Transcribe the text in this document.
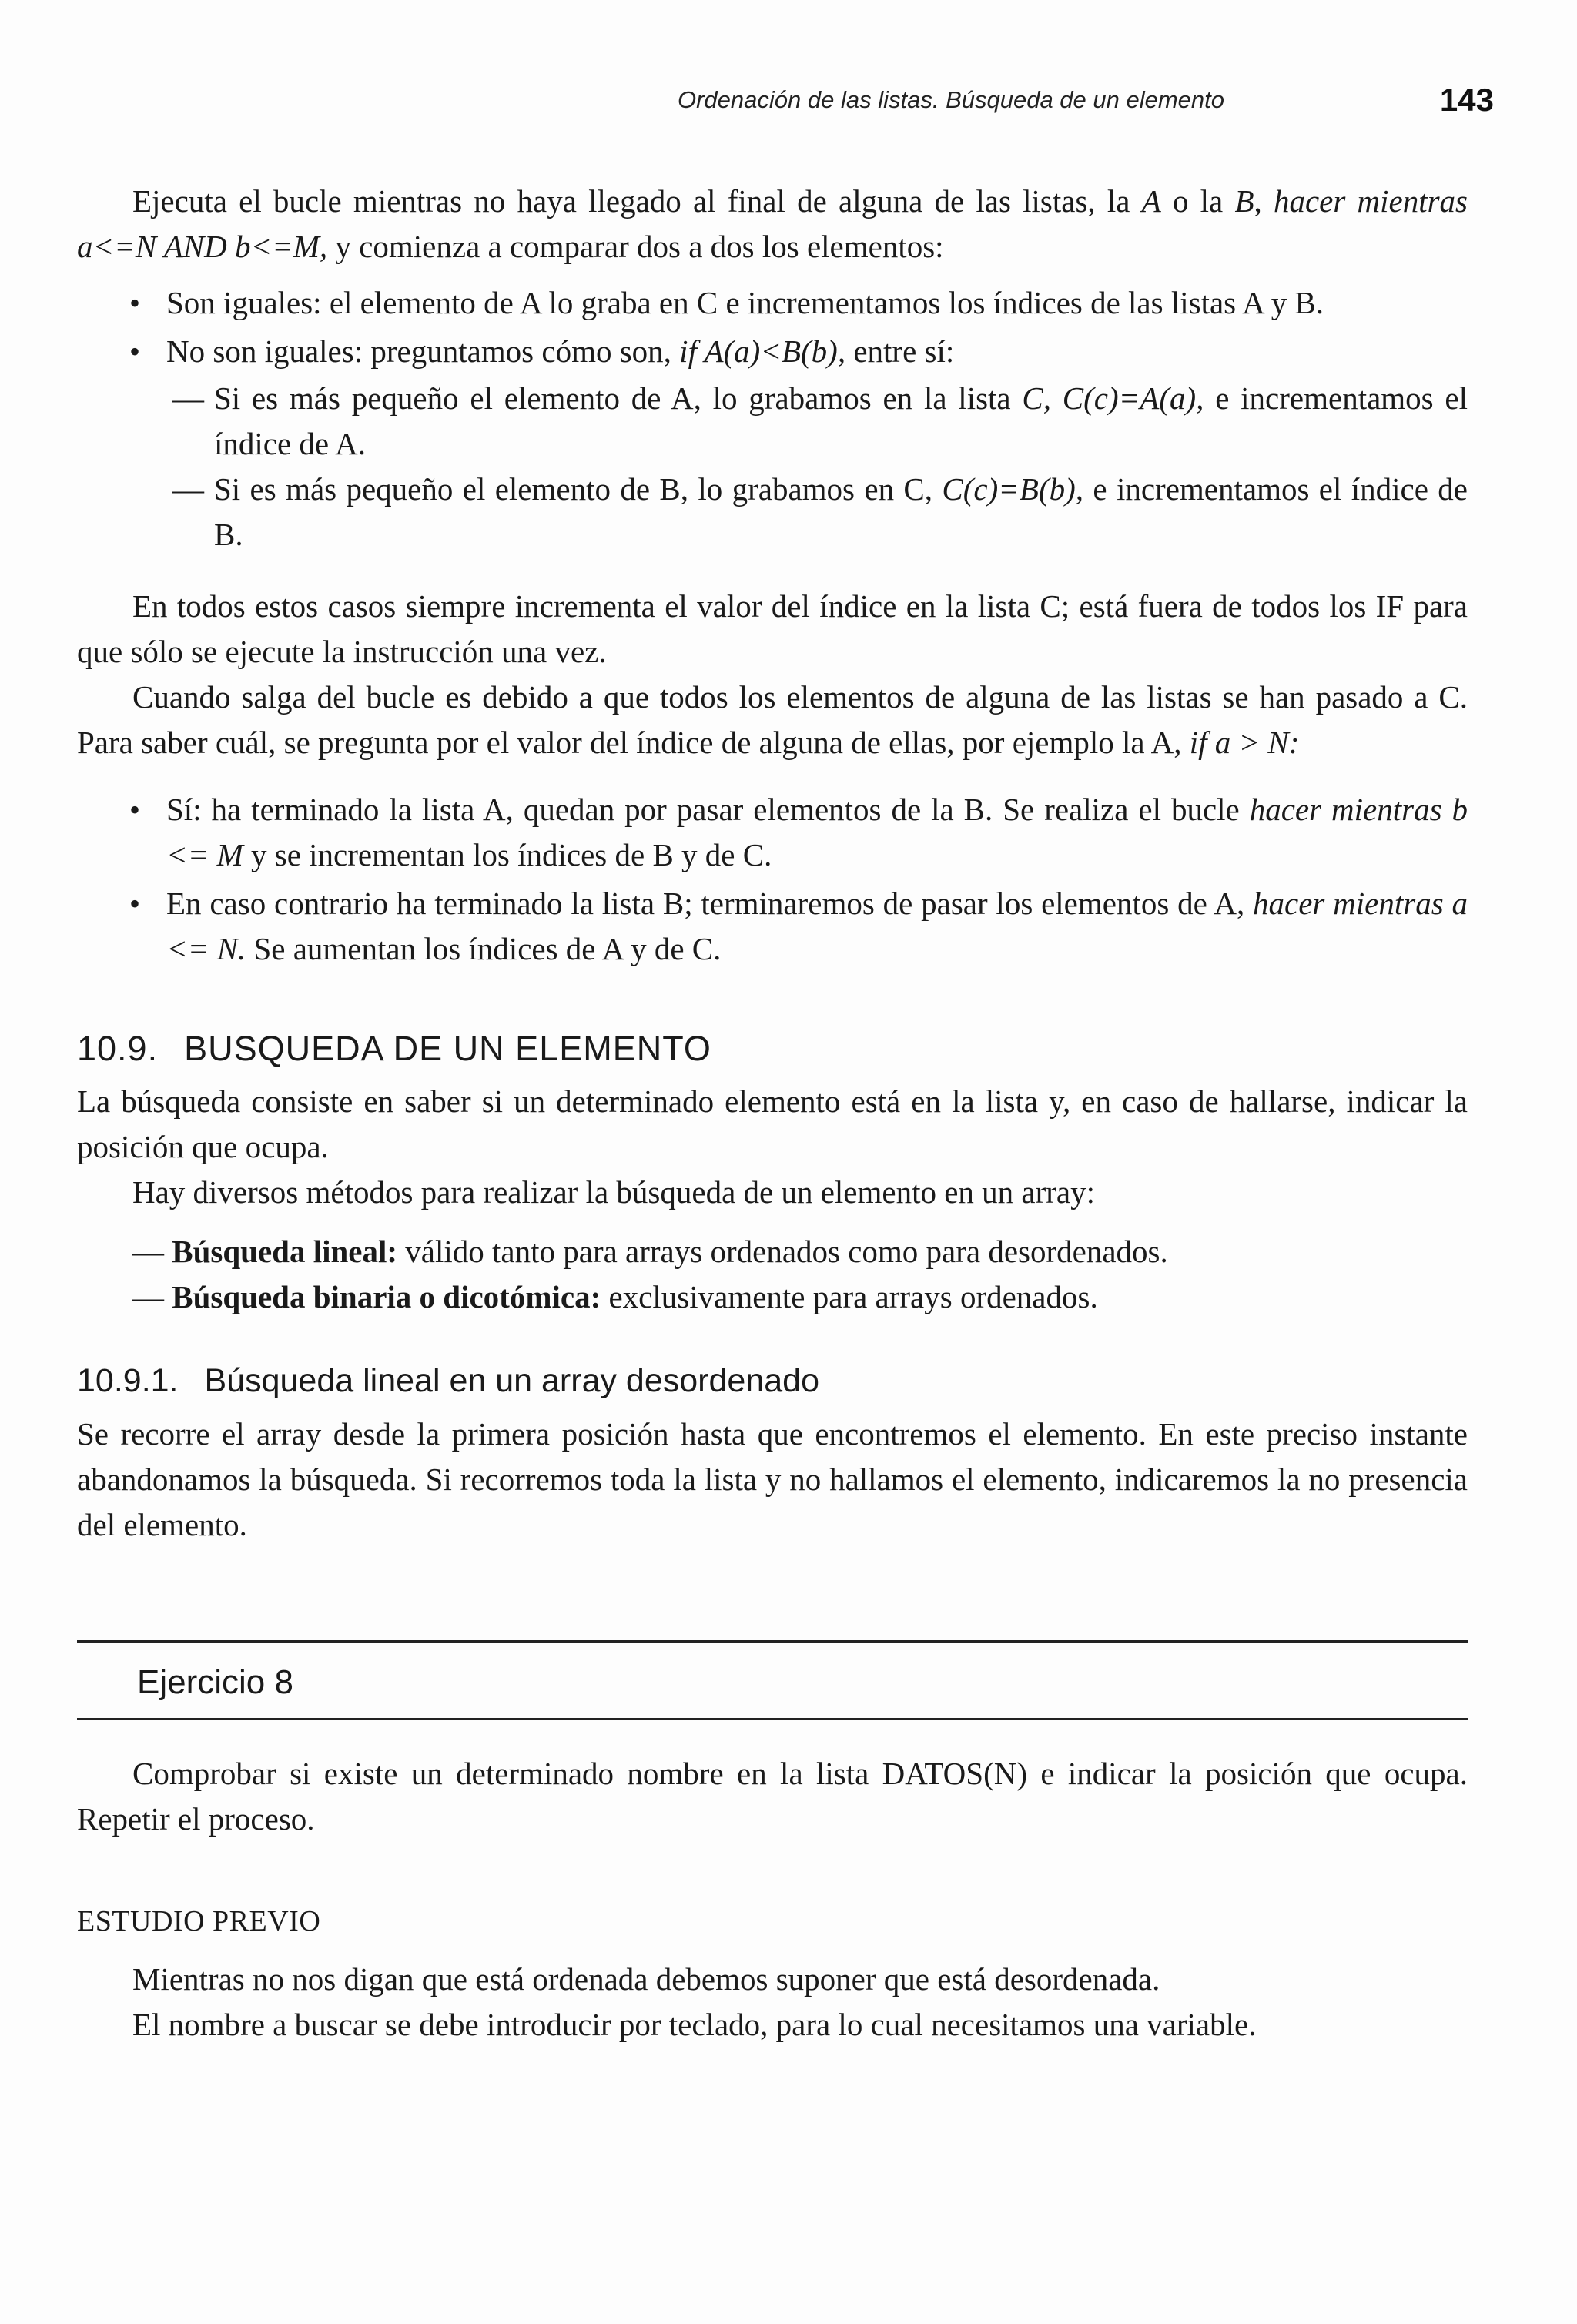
Ordenación de las listas. Búsqueda de un elemento	143

Ejecuta el bucle mientras no haya llegado al final de alguna de las listas, la A o la B, hacer mientras a<=N AND b<=M, y comienza a comparar dos a dos los elementos:

• Son iguales: el elemento de A lo graba en C e incrementamos los índices de las listas A y B.
• No son iguales: preguntamos cómo son, if A(a)<B(b), entre sí:
— Si es más pequeño el elemento de A, lo grabamos en la lista C, C(c)=A(a), e incrementamos el índice de A.
— Si es más pequeño el elemento de B, lo grabamos en C, C(c)=B(b), e incrementamos el índice de B.

En todos estos casos siempre incrementa el valor del índice en la lista C; está fuera de todos los IF para que sólo se ejecute la instrucción una vez.

Cuando salga del bucle es debido a que todos los elementos de alguna de las listas se han pasado a C. Para saber cuál, se pregunta por el valor del índice de alguna de ellas, por ejemplo la A, if a > N:

• Sí: ha terminado la lista A, quedan por pasar elementos de la B. Se realiza el bucle hacer mientras b <= M y se incrementan los índices de B y de C.
• En caso contrario ha terminado la lista B; terminaremos de pasar los elementos de A, hacer mientras a <= N. Se aumentan los índices de A y de C.
10.9. BUSQUEDA DE UN ELEMENTO

La búsqueda consiste en saber si un determinado elemento está en la lista y, en caso de hallarse, indicar la posición que ocupa.

Hay diversos métodos para realizar la búsqueda de un elemento en un array:

— Búsqueda lineal: válido tanto para arrays ordenados como para desordenados.
— Búsqueda binaria o dicotómica: exclusivamente para arrays ordenados.
10.9.1. Búsqueda lineal en un array desordenado

Se recorre el array desde la primera posición hasta que encontremos el elemento. En este preciso instante abandonamos la búsqueda. Si recorremos toda la lista y no hallamos el elemento, indicaremos la no presencia del elemento.

Ejercicio 8

Comprobar si existe un determinado nombre en la lista DATOS(N) e indicar la posición que ocupa. Repetir el proceso.

ESTUDIO PREVIO

Mientras no nos digan que está ordenada debemos suponer que está desordenada.

El nombre a buscar se debe introducir por teclado, para lo cual necesitamos una variable.
